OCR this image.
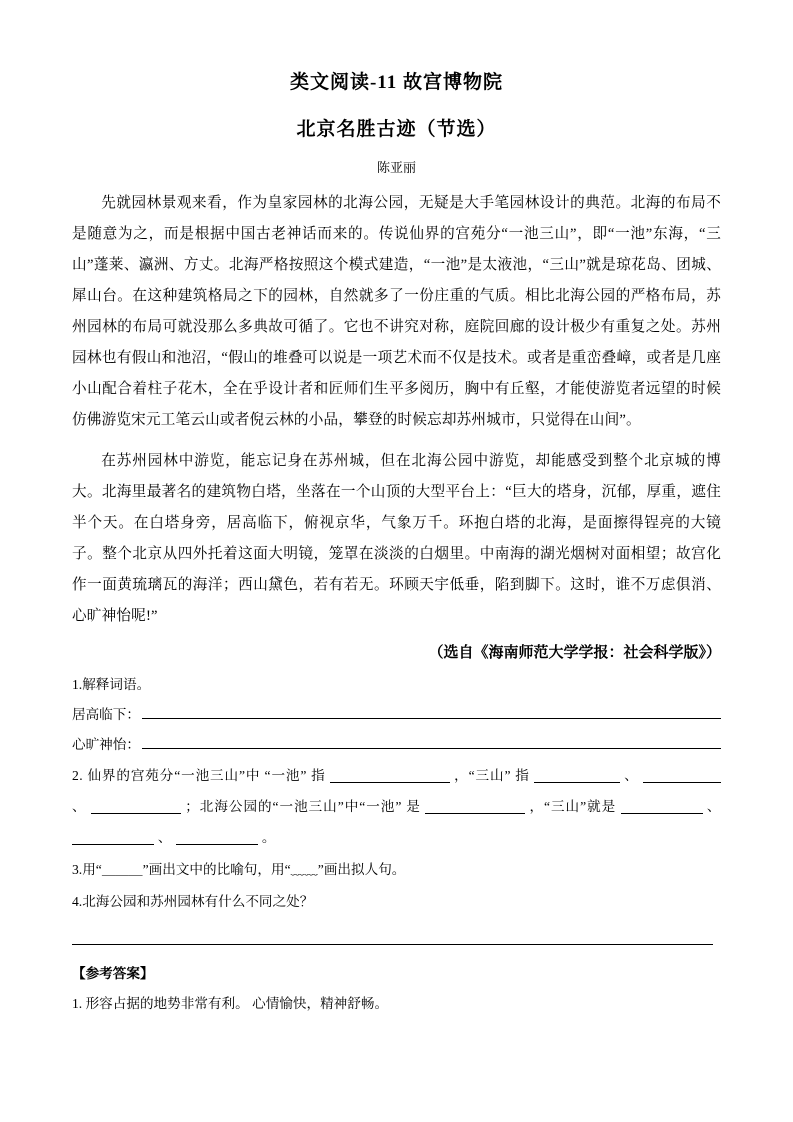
类文阅读-11 故宫博物院
北京名胜古迹（节选）
陈亚丽

先就园林景观来看，作为皇家园林的北海公园，无疑是大手笔园林设计的典范。北海的布局不是随意为之，而是根据中国古老神话而来的。传说仙界的宫苑分“一池三山”，即“一池”东海，“三山”蓬莱、瀛洲、方丈。北海严格按照这个模式建造，“一池”是太液池，“三山”就是琼花岛、团城、犀山台。在这种建筑格局之下的园林，自然就多了一份庄重的气质。相比北海公园的严格布局，苏州园林的布局可就没那么多典故可循了。它也不讲究对称，庭院回廊的设计极少有重复之处。苏州园林也有假山和池沼，“假山的堆叠可以说是一项艺术而不仅是技术。或者是重峦叠嶂，或者是几座小山配合着柱子花木，全在乎设计者和匠师们生平多阅历，胸中有丘壑，才能使游览者远望的时候仿佛游览宋元工笔云山或者倪云林的小品，攀登的时候忘却苏州城市，只觉得在山间”。

在苏州园林中游览，能忘记身在苏州城，但在北海公园中游览，却能感受到整个北京城的博大。北海里最著名的建筑物白塔，坐落在一个山顶的大型平台上：“巨大的塔身，沉郁，厚重，遮住半个天。在白塔身旁，居高临下，俯视京华，气象万千。环抱白塔的北海，是面擦得锃亮的大镜子。整个北京从四外托着这面大明镜，笼罩在淡淡的白烟里。中南海的湖光烟树对面相望；故宫化作一面黄琉璃瓦的海洋；西山黛色，若有若无。环顾天宇低垂，陷到脚下。这时，谁不万虑俱消、心旷神怡呢!”

（选自《海南师范大学学报：社会科学版》）
1.解释词语。
居高临下：
心旷神怡：
2. 仙界的宫苑分“一池三山”中 “一池” 指	，“三山” 指	、  、	；北海公园的“一池三山”中“一池” 是	，“三山”就是	、  、	。
3.用“＿＿＿”画出文中的比喻句，用“﹏﹏”画出拟人句。
4.北海公园和苏州园林有什么不同之处？
【参考答案】
1. 形容占据的地势非常有利。 心情愉快，精神舒畅。
